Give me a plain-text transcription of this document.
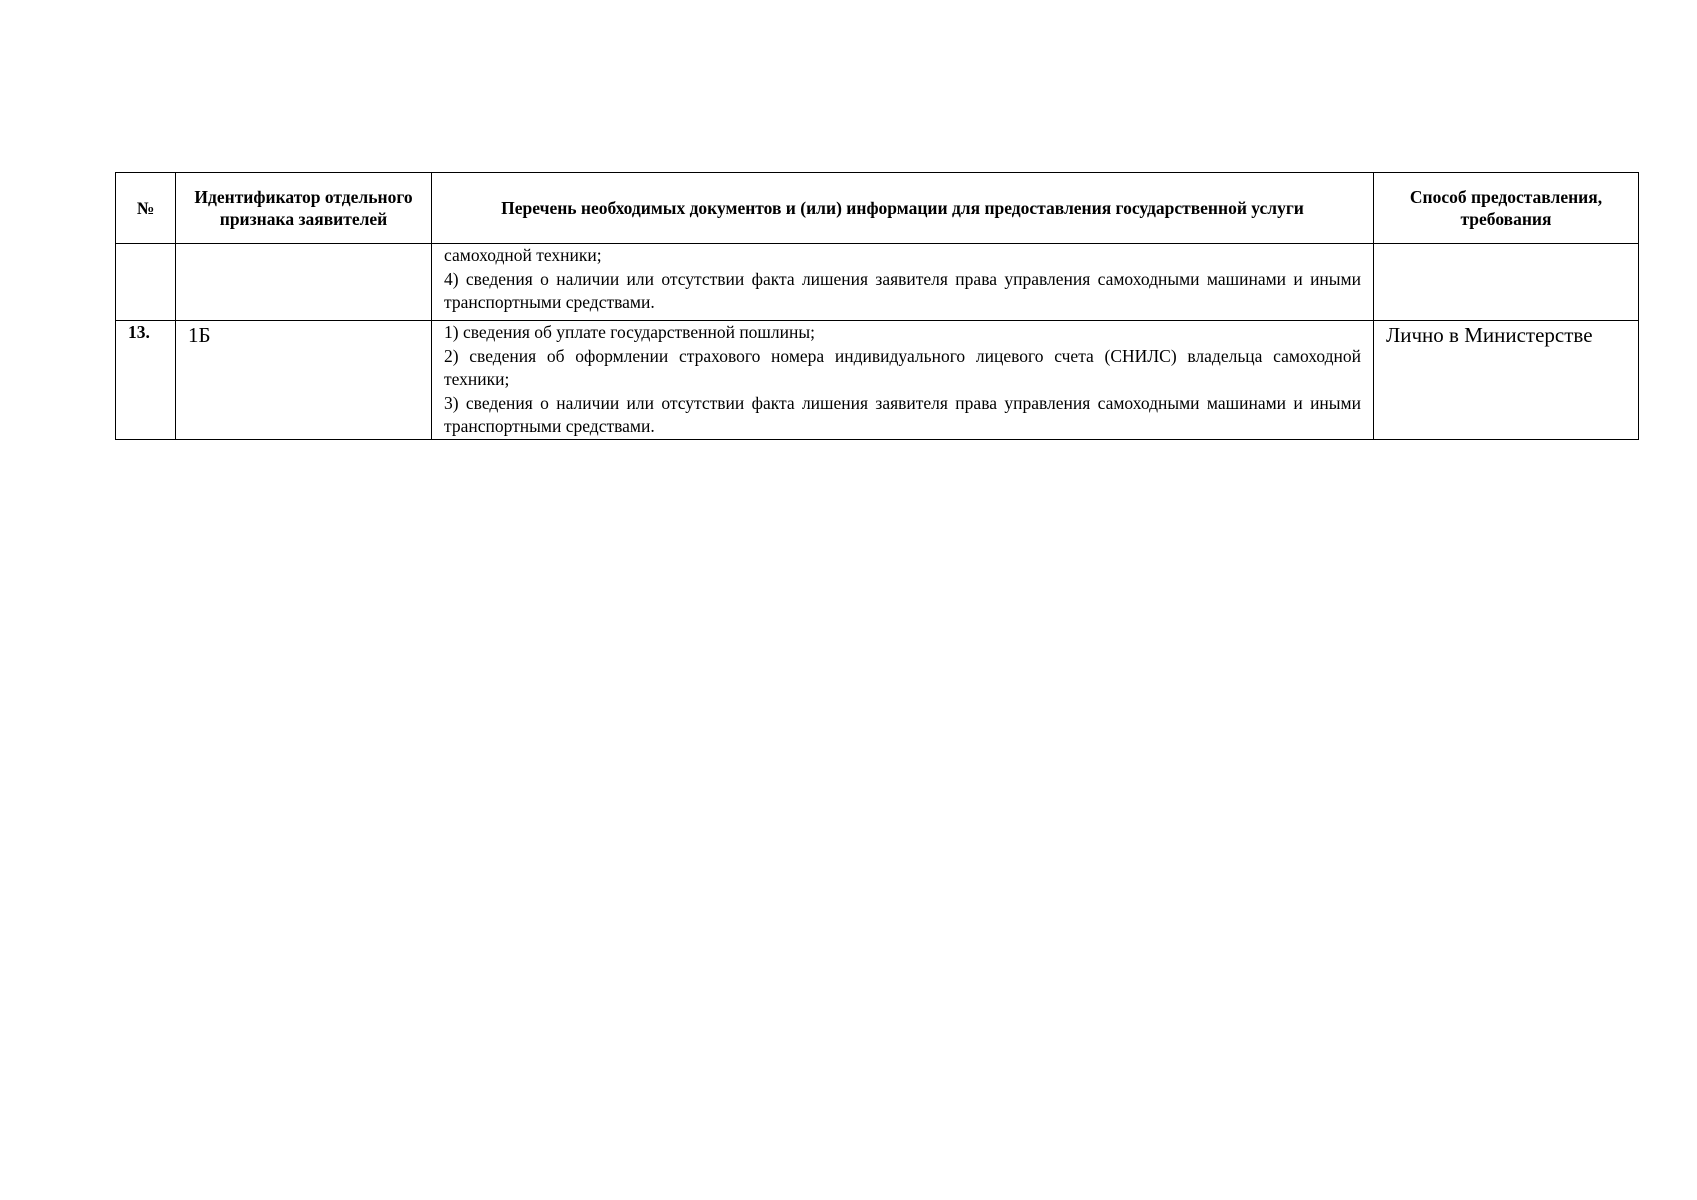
№	Идентификатор отдельного признака заявителей	Перечень необходимых документов и (или) информации для предоставления государственной услуги	Способ предоставления, требования

		самоходной техники;
4) сведения о наличии или отсутствии факта лишения заявителя права управления самоходными машинами и иными транспортными средствами.	

13.	1Б	1) сведения об уплате государственной пошлины;
2) сведения об оформлении страхового номера индивидуального лицевого счета (СНИЛС) владельца самоходной техники;
3) сведения о наличии или отсутствии факта лишения заявителя права управления самоходными машинами и иными транспортными средствами.	Лично в Министерстве
